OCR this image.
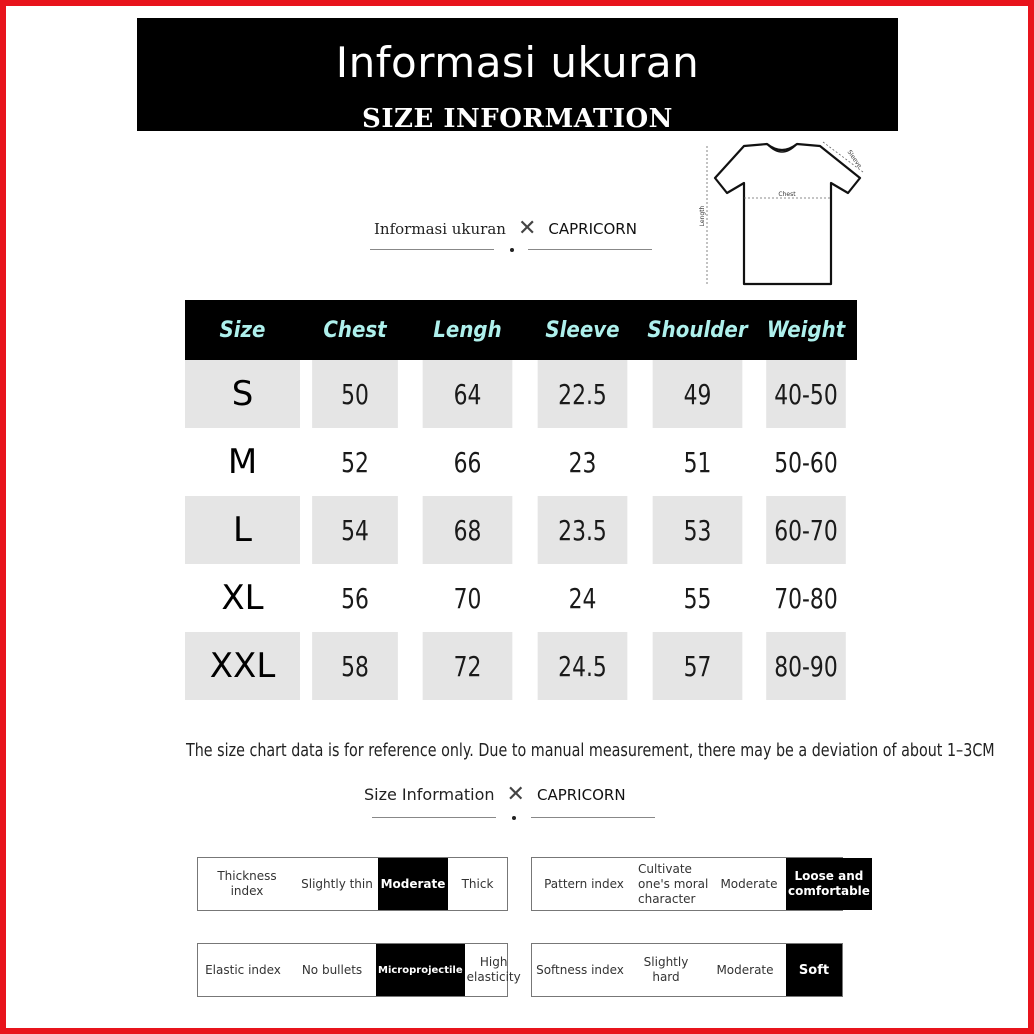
Informasi ukuran
SIZE INFORMATION
Informasi ukuran ✕ CAPRICORN
Chest
Length
Sleeve
Size	Chest	Lengh	Sleeve	Shoulder	Weight
S	50	64	22.5	49	40-50
M	52	66	23	51	50-60
L	54	68	23.5	53	60-70
XL	56	70	24	55	70-80
XXL	58	72	24.5	57	80-90
The size chart data is for reference only. Due to manual measurement, there may be a deviation of about 1–3CM
Size Information ✕ CAPRICORN
Thickness index
Slightly thin Moderate	Thick	Pattern index
Cultivate one's moral character
Moderate
Loose and comfortable
Elastic index	No bullets	Microprojectile
High elasticity
Softness index
Slightly hard
Moderate	Soft
